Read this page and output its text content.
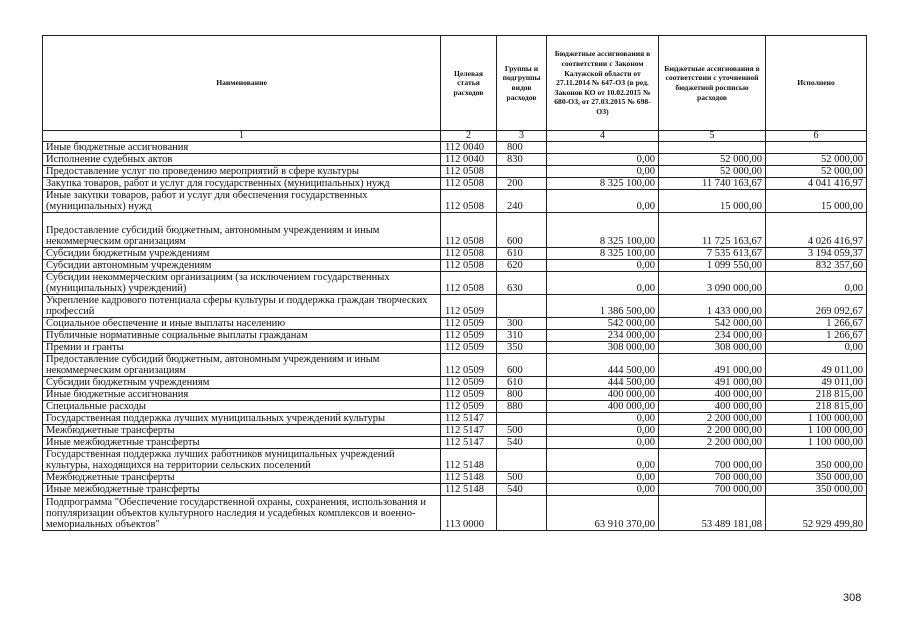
Наименование	Целевая статья расходов	Группы и подгруппы видов расходов	Бюджетные ассигнования в соответствии с Законом Калужской области от 27.11.2014 № 647-ОЗ (в ред. Законов КО от 10.02.2015 № 680-ОЗ, от 27.03.2015 № 698-ОЗ)	Бюджетные ассигнования в соответствии с уточненной бюджетной росписью расходов	Исполнено
1	2	3	4	5	6
Иные бюджетные ассигнования	112 0040	800			
Исполнение судебных актов	112 0040	830	0,00	52 000,00	52 000,00
Предоставление услуг по проведению мероприятий в сфере культуры	112 0508		0,00	52 000,00	52 000,00
Закупка товаров, работ и услуг для государственных (муниципальных) нужд	112 0508	200	8 325 100,00	11 740 163,67	4 041 416,97
Иные закупки товаров, работ и услуг для обеспечения государственных (муниципальных) нужд	112 0508	240	0,00	15 000,00	15 000,00
Предоставление субсидий бюджетным, автономным учреждениям и иным некоммерческим организациям	112 0508	600	8 325 100,00	11 725 163,67	4 026 416,97
Субсидии бюджетным учреждениям	112 0508	610	8 325 100,00	7 535 613,67	3 194 059,37
Субсидии автономным учреждениям	112 0508	620	0,00	1 099 550,00	832 357,60
Субсидии некоммерческим организациям (за исключением государственных (муниципальных) учреждений)	112 0508	630	0,00	3 090 000,00	0,00
Укрепление кадрового потенциала сферы культуры и поддержка граждан творческих профессий	112 0509		1 386 500,00	1 433 000,00	269 092,67
Социальное обеспечение и иные выплаты населению	112 0509	300	542 000,00	542 000,00	1 266,67
Публичные нормативные социальные выплаты гражданам	112 0509	310	234 000,00	234 000,00	1 266,67
Премии и гранты	112 0509	350	308 000,00	308 000,00	0,00
Предоставление субсидий бюджетным, автономным учреждениям и иным некоммерческим организациям	112 0509	600	444 500,00	491 000,00	49 011,00
Субсидии бюджетным учреждениям	112 0509	610	444 500,00	491 000,00	49 011,00
Иные бюджетные ассигнования	112 0509	800	400 000,00	400 000,00	218 815,00
Специальные расходы	112 0509	880	400 000,00	400 000,00	218 815,00
Государственная поддержка лучших муниципальных учреждений культуры	112 5147		0,00	2 200 000,00	1 100 000,00
Межбюджетные трансферты	112 5147	500	0,00	2 200 000,00	1 100 000,00
Иные межбюджетные трансферты	112 5147	540	0,00	2 200 000,00	1 100 000,00
Государственная поддержка лучших работников муниципальных учреждений культуры, находящихся на территории сельских поселений	112 5148		0,00	700 000,00	350 000,00
Межбюджетные трансферты	112 5148	500	0,00	700 000,00	350 000,00
Иные межбюджетные трансферты	112 5148	540	0,00	700 000,00	350 000,00
Подпрограмма "Обеспечение государственной охраны, сохранения, использования и популяризации объектов культурного наследия и усадебных комплексов и военно-мемориальных объектов"	113 0000		63 910 370,00	53 489 181,08	52 929 499,80
308
